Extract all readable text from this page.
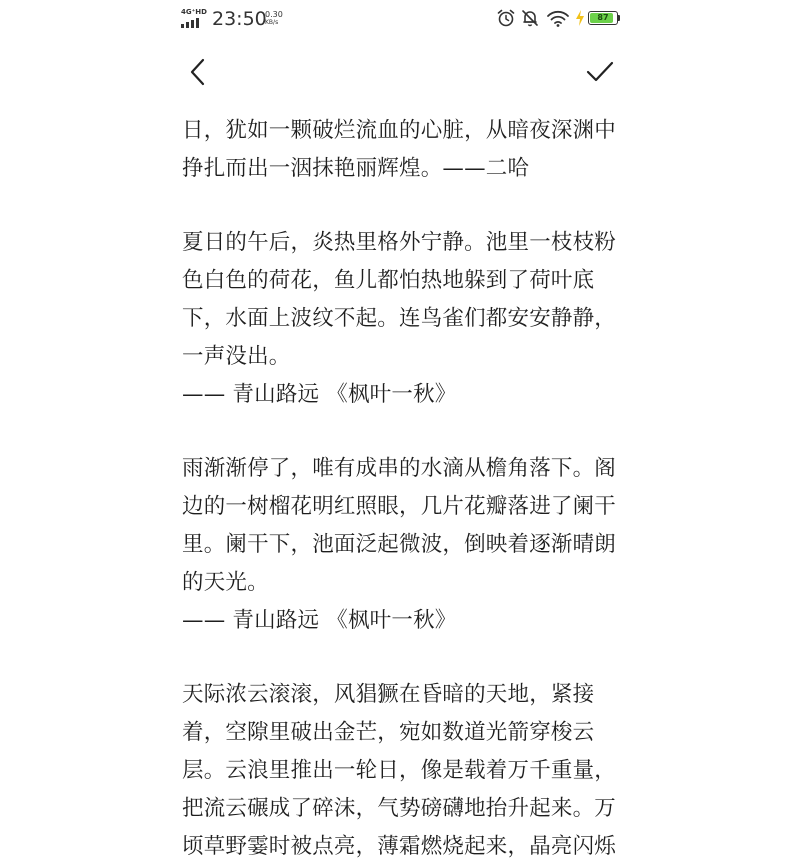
4G⁺HD 23:50
0.30
KB/s
87
日，犹如一颗破烂流血的心脏，从暗夜深渊中
挣扎而出一洇抹艳丽辉煌。——二哈
夏日的午后，炎热里格外宁静。池里一枝枝粉
色白色的荷花，鱼儿都怕热地躲到了荷叶底
下，水面上波纹不起。连鸟雀们都安安静静，
一声没出。
—— 青山路远 《枫叶一秋》
雨渐渐停了，唯有成串的水滴从檐角落下。阁
边的一树榴花明红照眼，几片花瓣落进了阑干
里。阑干下，池面泛起微波，倒映着逐渐晴朗
的天光。
—— 青山路远 《枫叶一秋》
天际浓云滚滚，风猖獗在昏暗的天地，紧接
着，空隙里破出金芒，宛如数道光箭穿梭云
层。云浪里推出一轮日，像是载着万千重量，
把流云碾成了碎沫，气势磅礴地抬升起来。万
顷草野霎时被点亮，薄霜燃烧起来，晶亮闪烁
